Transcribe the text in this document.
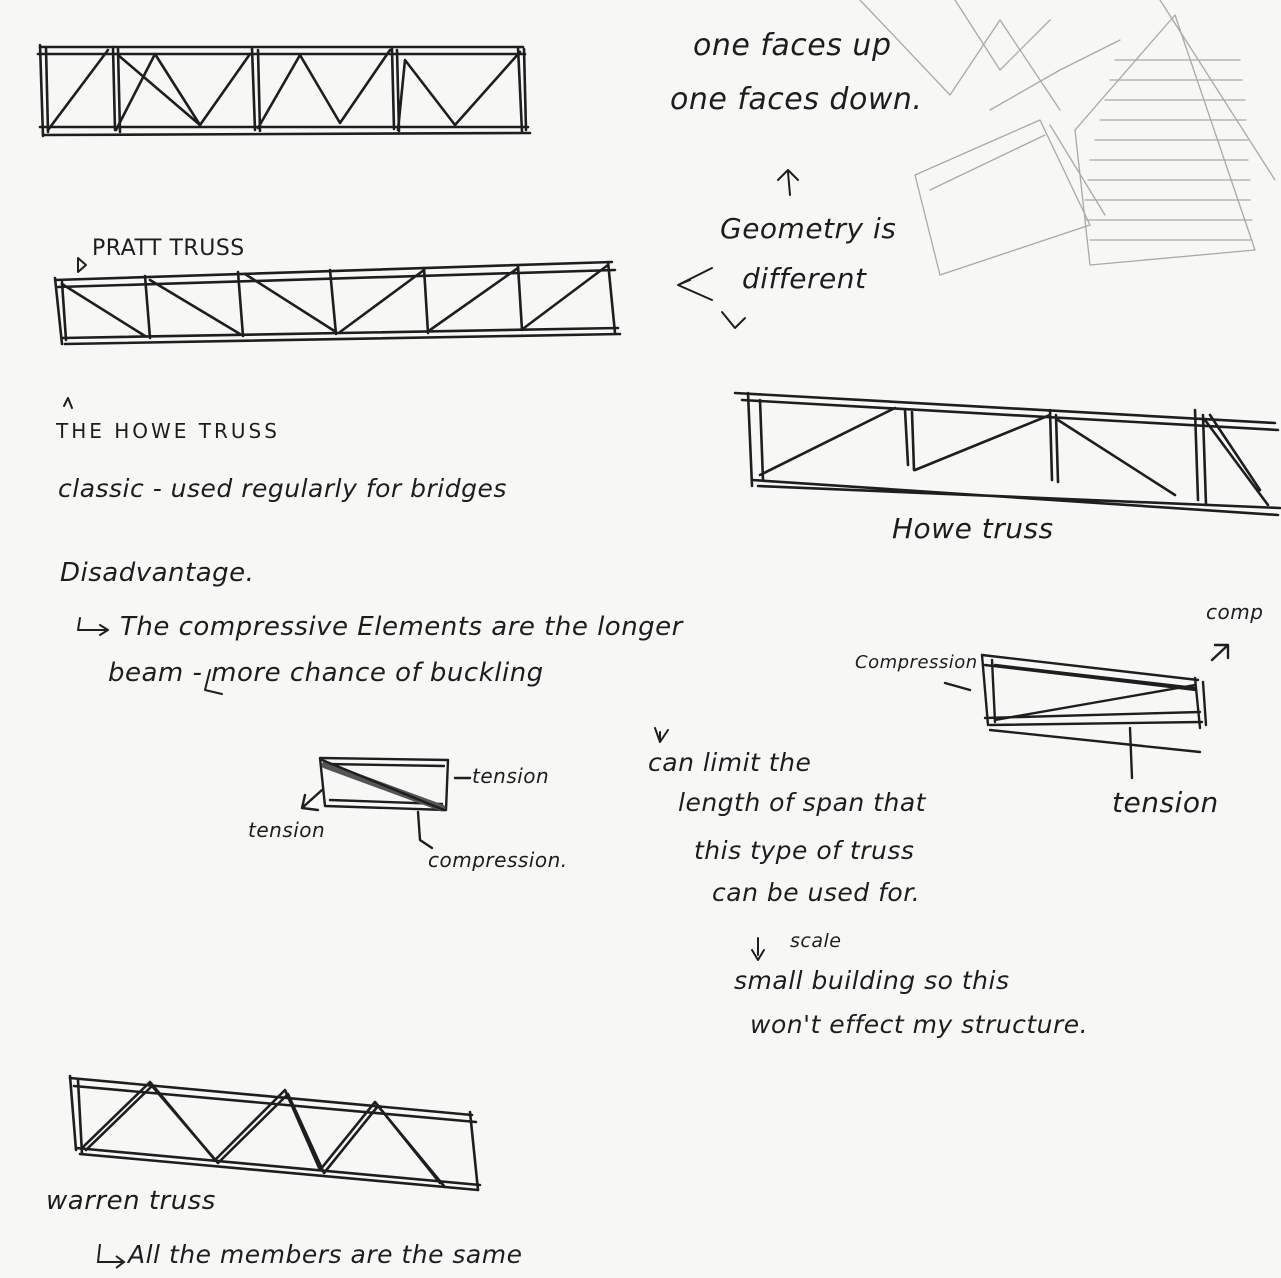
PRATT TRUSS

one faces up

one faces down.

Geometry is

different

THE HOWE TRUSS

classic - used regularly for bridges

Disadvantage.

The compressive Elements are the longer

beam - more chance of buckling

tension

tension

compression.

can limit the

length of span that

this type of truss

can be used for.

scale

small building so this

won't effect my structure.

Howe truss

Compression

comp

tension

warren truss

All the members are the same
